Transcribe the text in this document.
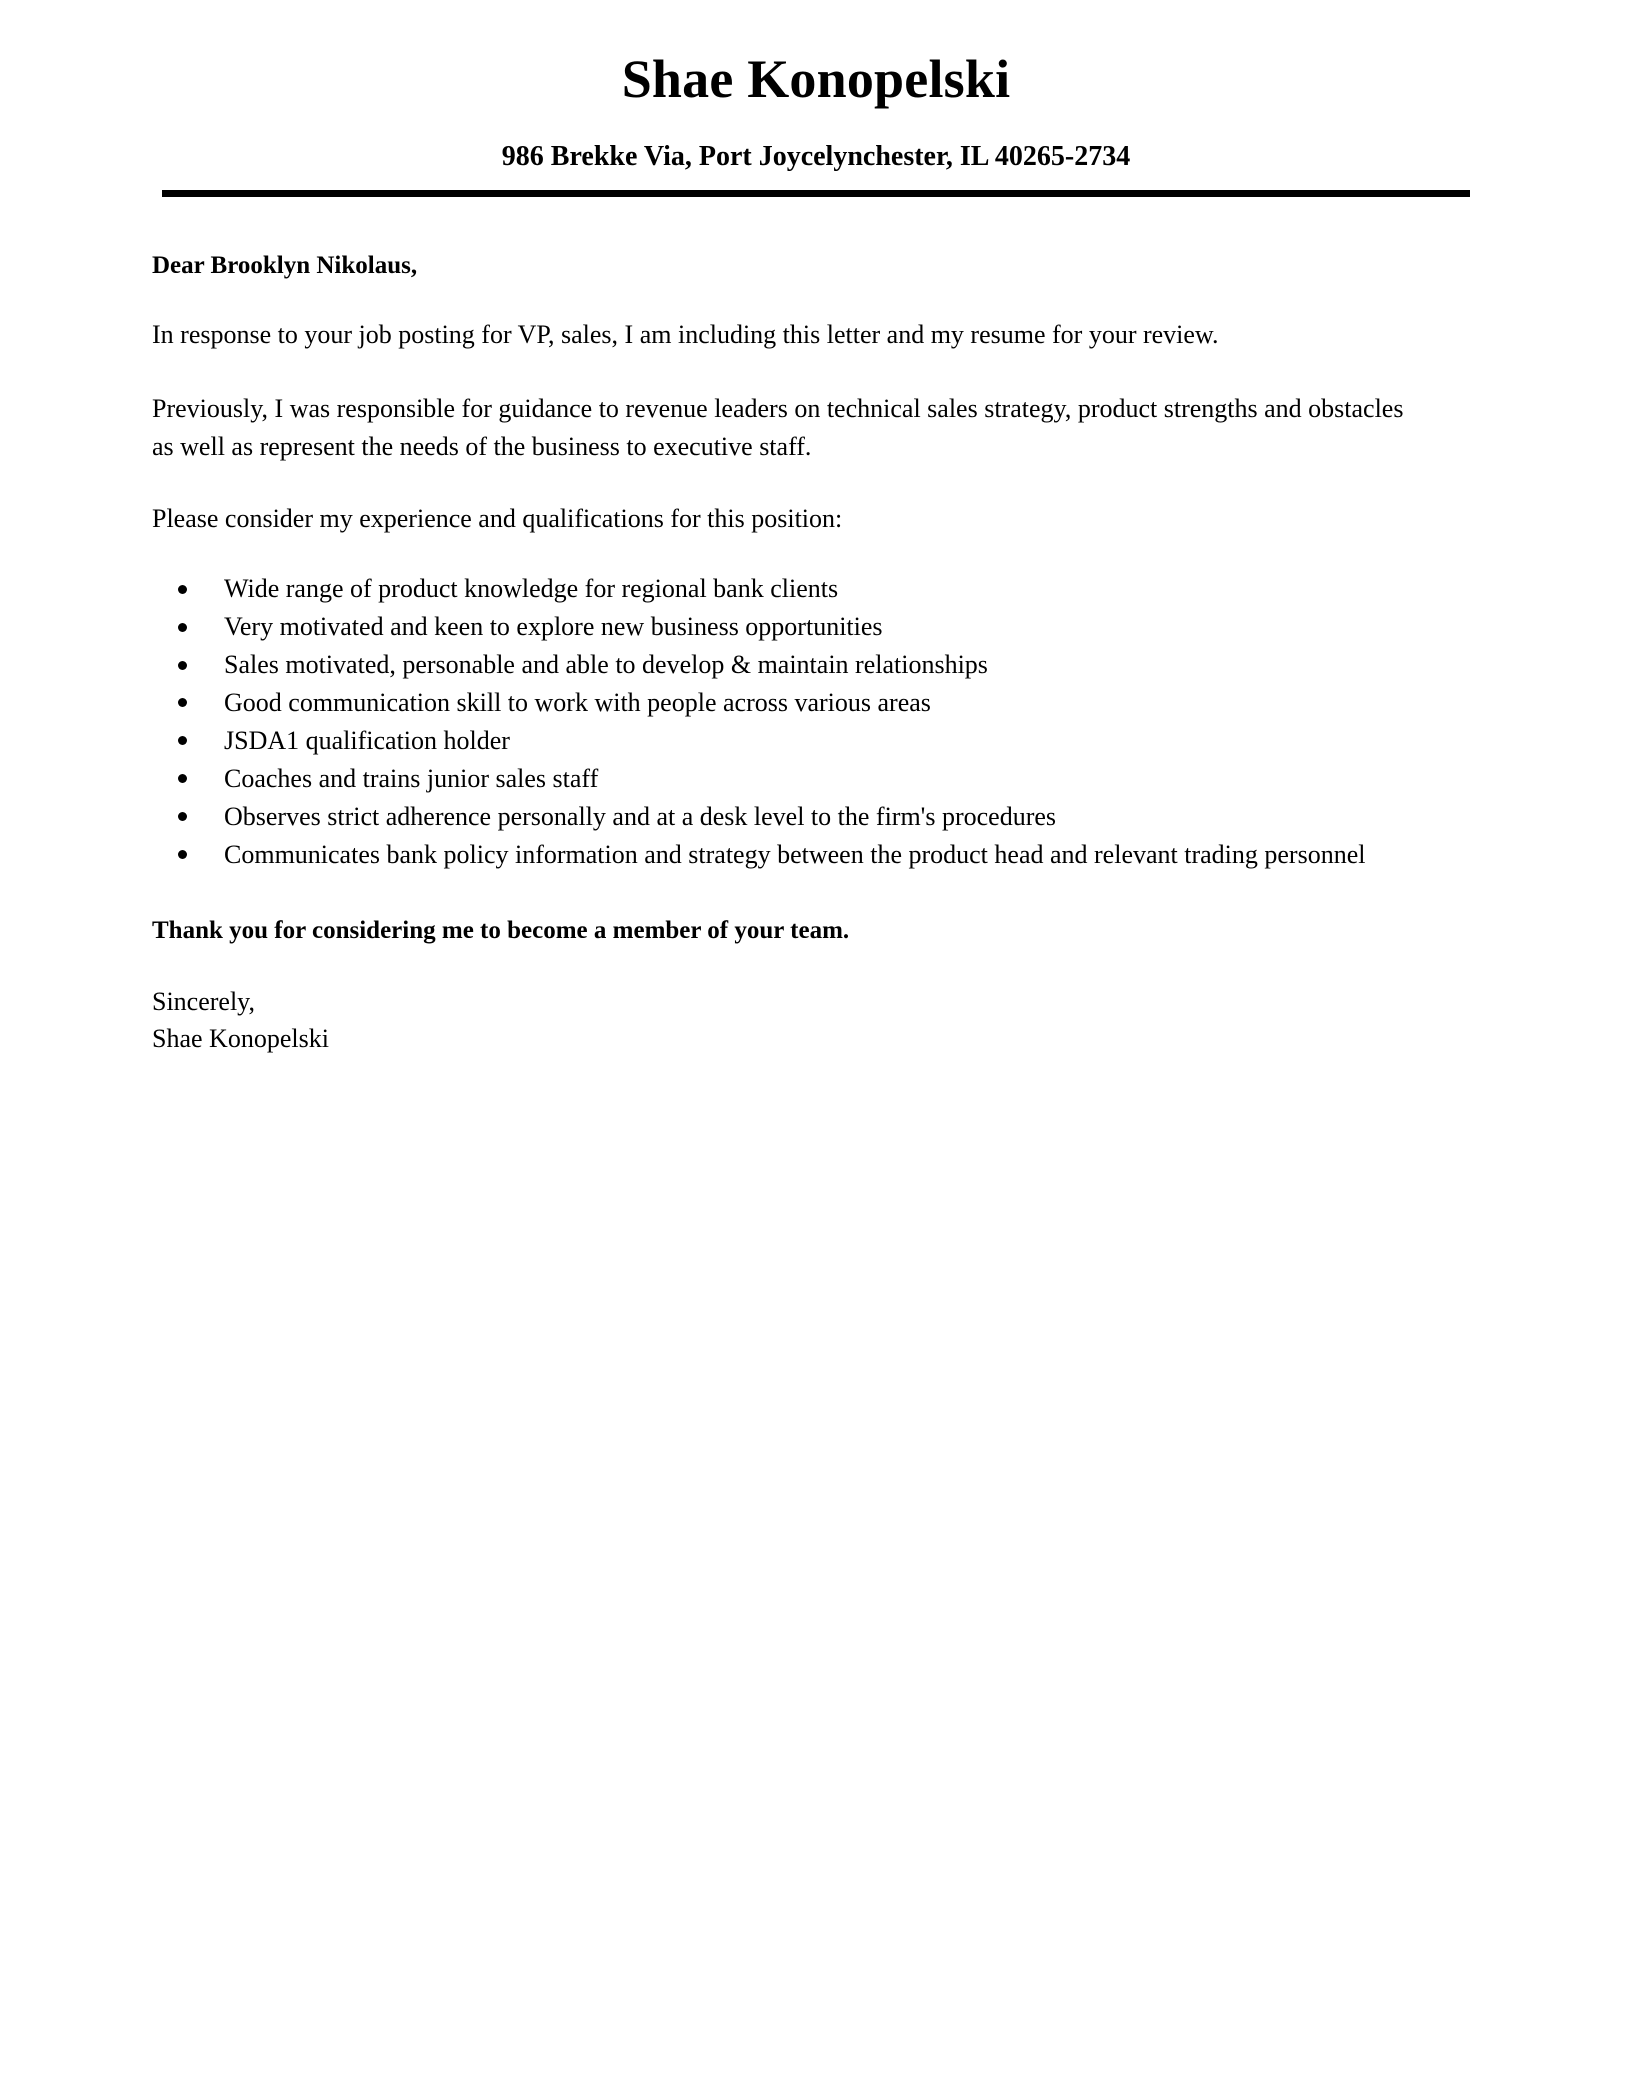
Shae Konopelski
986 Brekke Via, Port Joycelynchester, IL 40265-2734

Dear Brooklyn Nikolaus,

In response to your job posting for VP, sales, I am including this letter and my resume for your review.

Previously, I was responsible for guidance to revenue leaders on technical sales strategy, product strengths and obstacles as well as represent the needs of the business to executive staff.

Please consider my experience and qualifications for this position:

Wide range of product knowledge for regional bank clients
Very motivated and keen to explore new business opportunities
Sales motivated, personable and able to develop & maintain relationships
Good communication skill to work with people across various areas
JSDA1 qualification holder
Coaches and trains junior sales staff
Observes strict adherence personally and at a desk level to the firm's procedures
Communicates bank policy information and strategy between the product head and relevant trading personnel

Thank you for considering me to become a member of your team.

Sincerely,
Shae Konopelski
